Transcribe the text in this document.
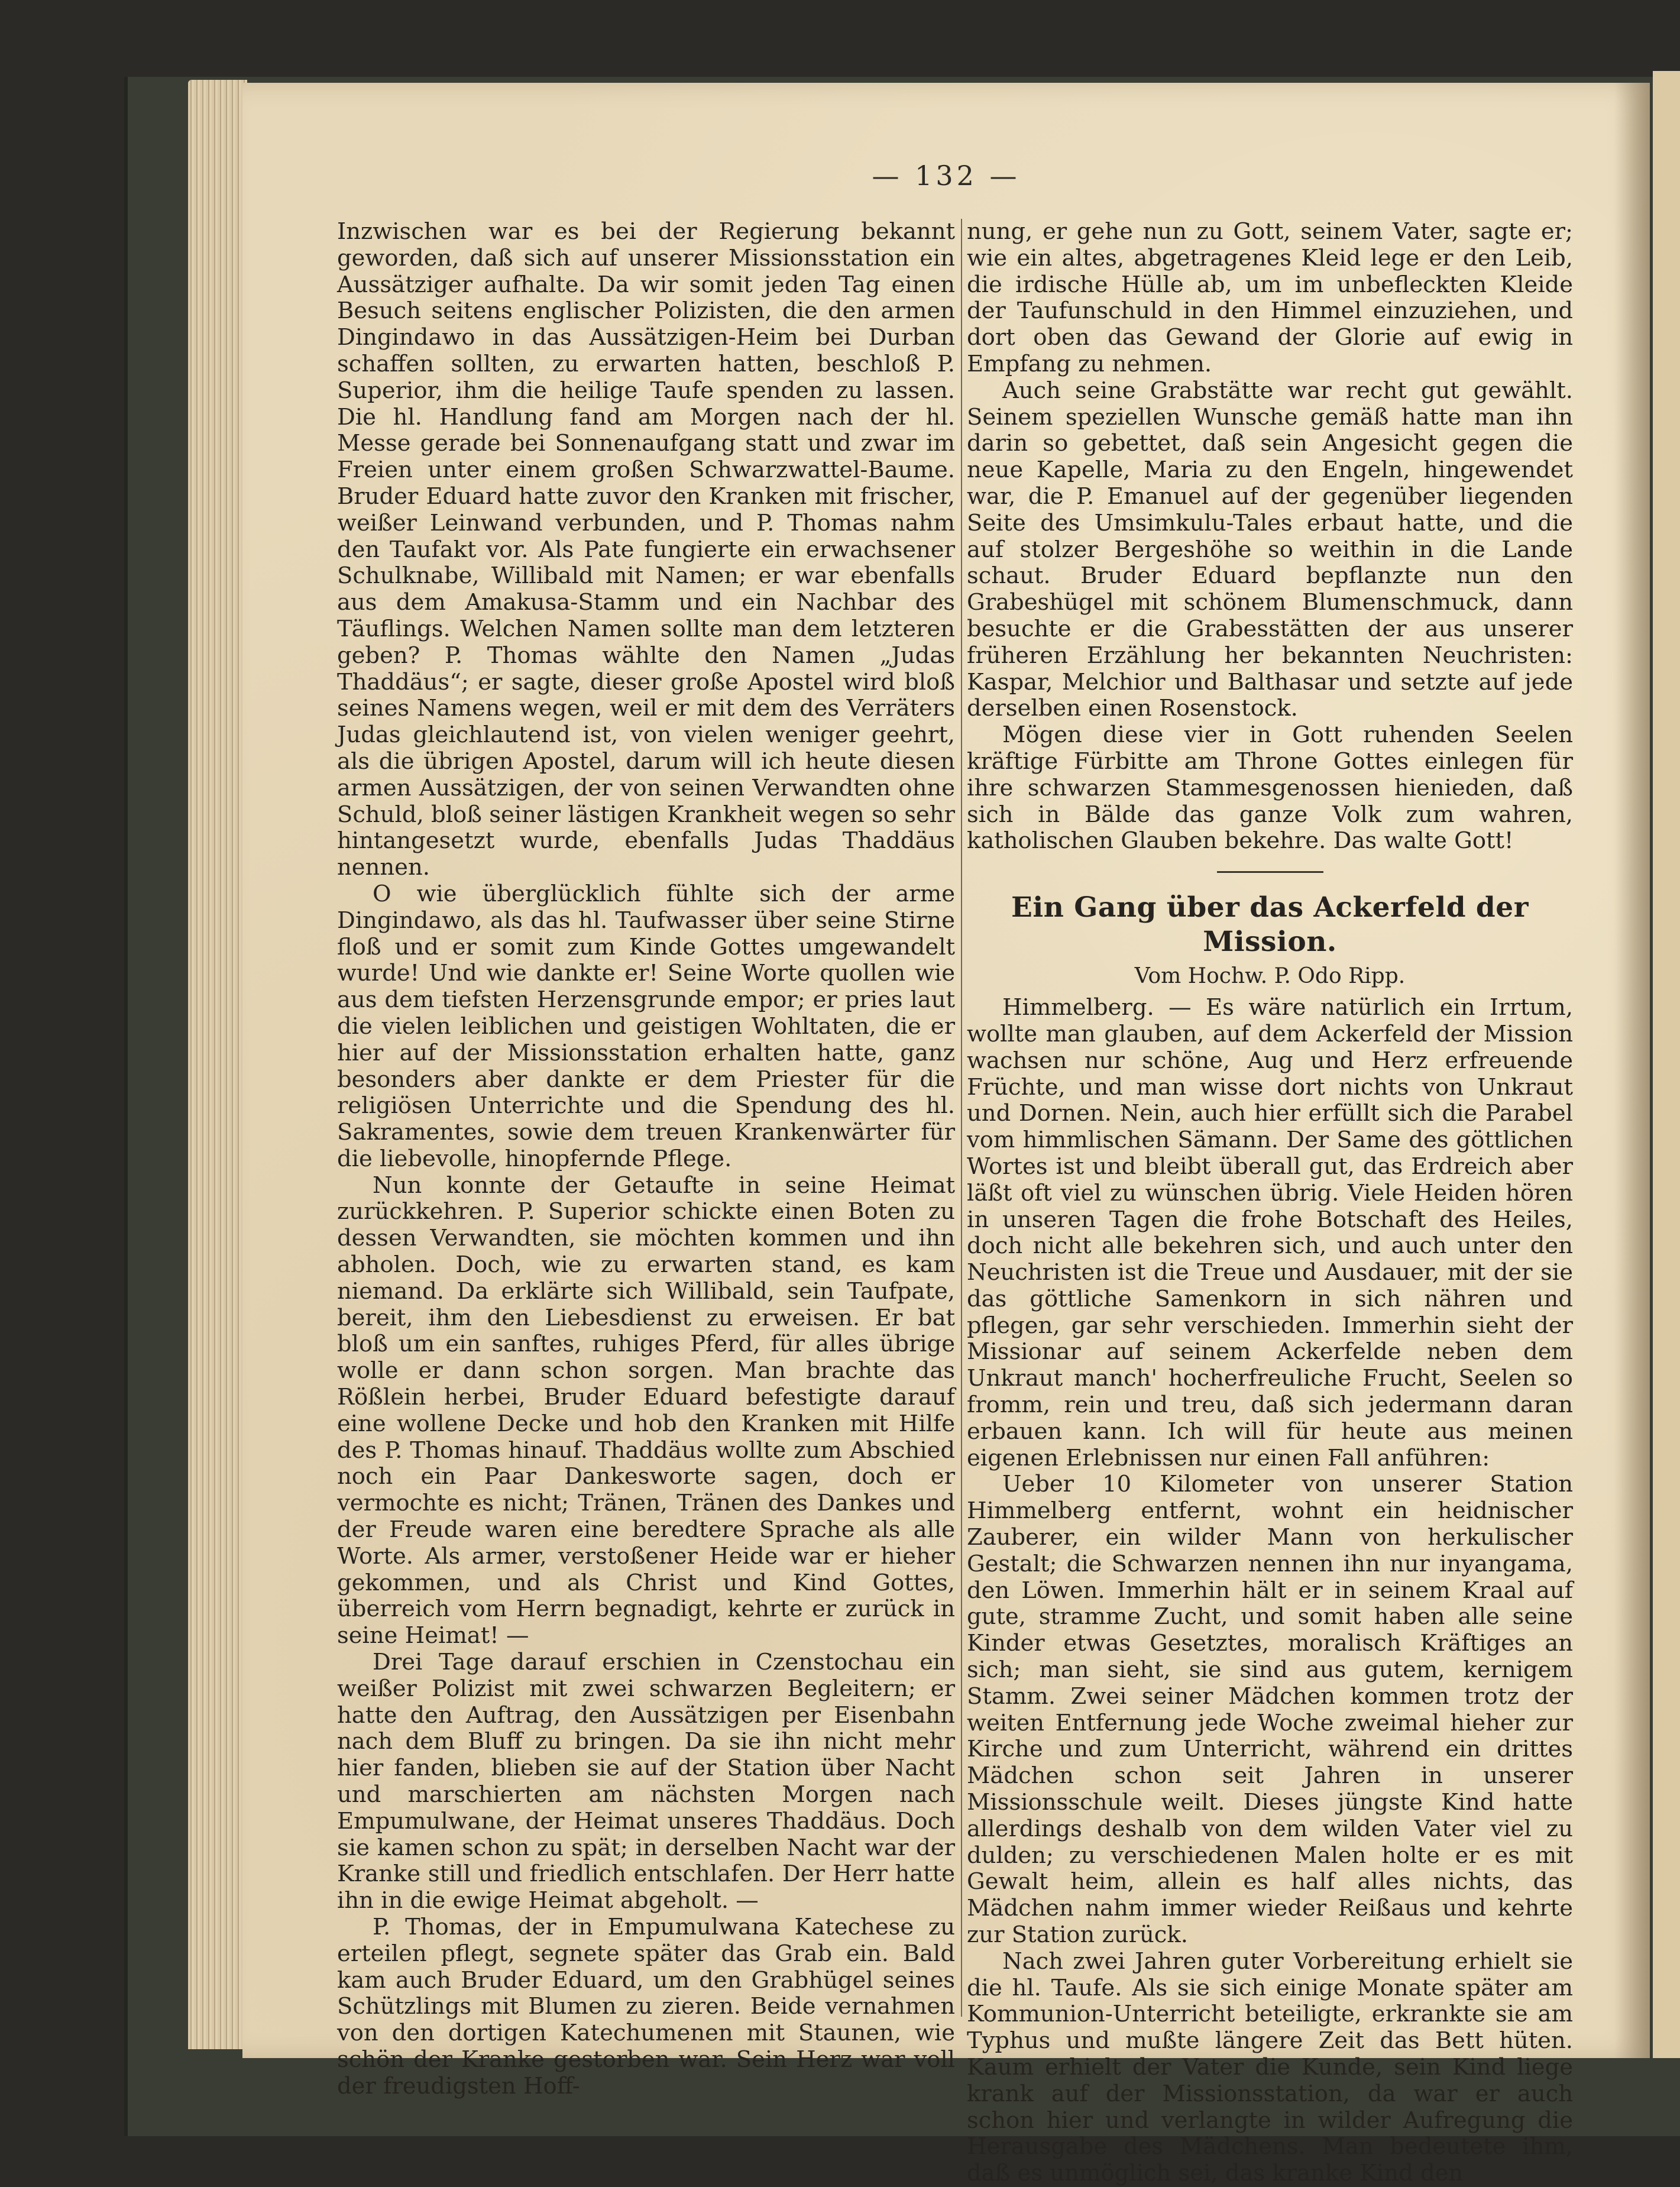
— 132 —

Inzwischen war es bei der Regierung bekannt geworden, daß sich auf unserer Missionsstation ein Aussätziger aufhalte. Da wir somit jeden Tag einen Besuch seitens englischer Polizisten, die den armen Dingindawo in das Aussätzigen-Heim bei Durban schaffen sollten, zu erwarten hatten, beschloß P. Superior, ihm die heilige Taufe spenden zu lassen. Die hl. Handlung fand am Morgen nach der hl. Messe gerade bei Sonnenaufgang statt und zwar im Freien unter einem großen Schwarzwattel-Baume. Bruder Eduard hatte zuvor den Kranken mit frischer, weißer Leinwand verbunden, und P. Thomas nahm den Taufakt vor. Als Pate fungierte ein erwachsener Schulknabe, Willibald mit Namen; er war ebenfalls aus dem Amakusa-Stamm und ein Nachbar des Täuflings. Welchen Namen sollte man dem letzteren geben? P. Thomas wählte den Namen „Judas Thaddäus“; er sagte, dieser große Apostel wird bloß seines Namens wegen, weil er mit dem des Verräters Judas gleichlautend ist, von vielen weniger geehrt, als die übrigen Apostel, darum will ich heute diesen armen Aussätzigen, der von seinen Verwandten ohne Schuld, bloß seiner lästigen Krankheit wegen so sehr hintangesetzt wurde, ebenfalls Judas Thaddäus nennen.

O wie überglücklich fühlte sich der arme Dingindawo, als das hl. Taufwasser über seine Stirne floß und er somit zum Kinde Gottes umgewandelt wurde! Und wie dankte er! Seine Worte quollen wie aus dem tiefsten Herzensgrunde empor; er pries laut die vielen leiblichen und geistigen Wohltaten, die er hier auf der Missionsstation erhalten hatte, ganz besonders aber dankte er dem Priester für die religiösen Unterrichte und die Spendung des hl. Sakramentes, sowie dem treuen Krankenwärter für die liebevolle, hinopfernde Pflege.

Nun konnte der Getaufte in seine Heimat zurückkehren. P. Superior schickte einen Boten zu dessen Verwandten, sie möchten kommen und ihn abholen. Doch, wie zu erwarten stand, es kam niemand. Da erklärte sich Willibald, sein Taufpate, bereit, ihm den Liebesdienst zu erweisen. Er bat bloß um ein sanftes, ruhiges Pferd, für alles übrige wolle er dann schon sorgen. Man brachte das Rößlein herbei, Bruder Eduard befestigte darauf eine wollene Decke und hob den Kranken mit Hilfe des P. Thomas hinauf. Thaddäus wollte zum Abschied noch ein Paar Dankesworte sagen, doch er vermochte es nicht; Tränen, Tränen des Dankes und der Freude waren eine beredtere Sprache als alle Worte. Als armer, verstoßener Heide war er hieher gekommen, und als Christ und Kind Gottes, überreich vom Herrn begnadigt, kehrte er zurück in seine Heimat! —

Drei Tage darauf erschien in Czenstochau ein weißer Polizist mit zwei schwarzen Begleitern; er hatte den Auftrag, den Aussätzigen per Eisenbahn nach dem Bluff zu bringen. Da sie ihn nicht mehr hier fanden, blieben sie auf der Station über Nacht und marschierten am nächsten Morgen nach Empumulwane, der Heimat unseres Thaddäus. Doch sie kamen schon zu spät; in derselben Nacht war der Kranke still und friedlich entschlafen. Der Herr hatte ihn in die ewige Heimat abgeholt. —

P. Thomas, der in Empumulwana Katechese zu erteilen pflegt, segnete später das Grab ein. Bald kam auch Bruder Eduard, um den Grabhügel seines Schützlings mit Blumen zu zieren. Beide vernahmen von den dortigen Katechumenen mit Staunen, wie schön der Kranke gestorben war. Sein Herz war voll der freudigsten Hoff-

nung, er gehe nun zu Gott, seinem Vater, sagte er; wie ein altes, abgetragenes Kleid lege er den Leib, die irdische Hülle ab, um im unbefleckten Kleide der Taufunschuld in den Himmel einzuziehen, und dort oben das Gewand der Glorie auf ewig in Empfang zu nehmen.

Auch seine Grabstätte war recht gut gewählt. Seinem speziellen Wunsche gemäß hatte man ihn darin so gebettet, daß sein Angesicht gegen die neue Kapelle, Maria zu den Engeln, hingewendet war, die P. Emanuel auf der gegenüber liegenden Seite des Umsimkulu-Tales erbaut hatte, und die auf stolzer Bergeshöhe so weithin in die Lande schaut. Bruder Eduard bepflanzte nun den Grabeshügel mit schönem Blumenschmuck, dann besuchte er die Grabesstätten der aus unserer früheren Erzählung her bekannten Neuchristen: Kaspar, Melchior und Balthasar und setzte auf jede derselben einen Rosenstock.

Mögen diese vier in Gott ruhenden Seelen kräftige Fürbitte am Throne Gottes einlegen für ihre schwarzen Stammesgenossen hienieden, daß sich in Bälde das ganze Volk zum wahren, katholischen Glauben bekehre. Das walte Gott!

Ein Gang über das Ackerfeld der Mission.
Vom Hochw. P. Odo Ripp.

Himmelberg. — Es wäre natürlich ein Irrtum, wollte man glauben, auf dem Ackerfeld der Mission wachsen nur schöne, Aug und Herz erfreuende Früchte, und man wisse dort nichts von Unkraut und Dornen. Nein, auch hier erfüllt sich die Parabel vom himmlischen Sämann. Der Same des göttlichen Wortes ist und bleibt überall gut, das Erdreich aber läßt oft viel zu wünschen übrig. Viele Heiden hören in unseren Tagen die frohe Botschaft des Heiles, doch nicht alle bekehren sich, und auch unter den Neuchristen ist die Treue und Ausdauer, mit der sie das göttliche Samenkorn in sich nähren und pflegen, gar sehr verschieden. Immerhin sieht der Missionar auf seinem Ackerfelde neben dem Unkraut manch' hocherfreuliche Frucht, Seelen so fromm, rein und treu, daß sich jedermann daran erbauen kann. Ich will für heute aus meinen eigenen Erlebnissen nur einen Fall anführen:

Ueber 10 Kilometer von unserer Station Himmelberg entfernt, wohnt ein heidnischer Zauberer, ein wilder Mann von herkulischer Gestalt; die Schwarzen nennen ihn nur inyangama, den Löwen. Immerhin hält er in seinem Kraal auf gute, stramme Zucht, und somit haben alle seine Kinder etwas Gesetztes, moralisch Kräftiges an sich; man sieht, sie sind aus gutem, kernigem Stamm. Zwei seiner Mädchen kommen trotz der weiten Entfernung jede Woche zweimal hieher zur Kirche und zum Unterricht, während ein drittes Mädchen schon seit Jahren in unserer Missionsschule weilt. Dieses jüngste Kind hatte allerdings deshalb von dem wilden Vater viel zu dulden; zu verschiedenen Malen holte er es mit Gewalt heim, allein es half alles nichts, das Mädchen nahm immer wieder Reißaus und kehrte zur Station zurück.

Nach zwei Jahren guter Vorbereitung erhielt sie die hl. Taufe. Als sie sich einige Monate später am Kommunion-Unterricht beteiligte, erkrankte sie am Typhus und mußte längere Zeit das Bett hüten. Kaum erhielt der Vater die Kunde, sein Kind liege krank auf der Missionsstation, da war er auch schon hier und verlangte in wilder Aufregung die Herausgabe des Mädchens. Man bedeutete ihm, daß es unmöglich sei, das kranke Kind den
